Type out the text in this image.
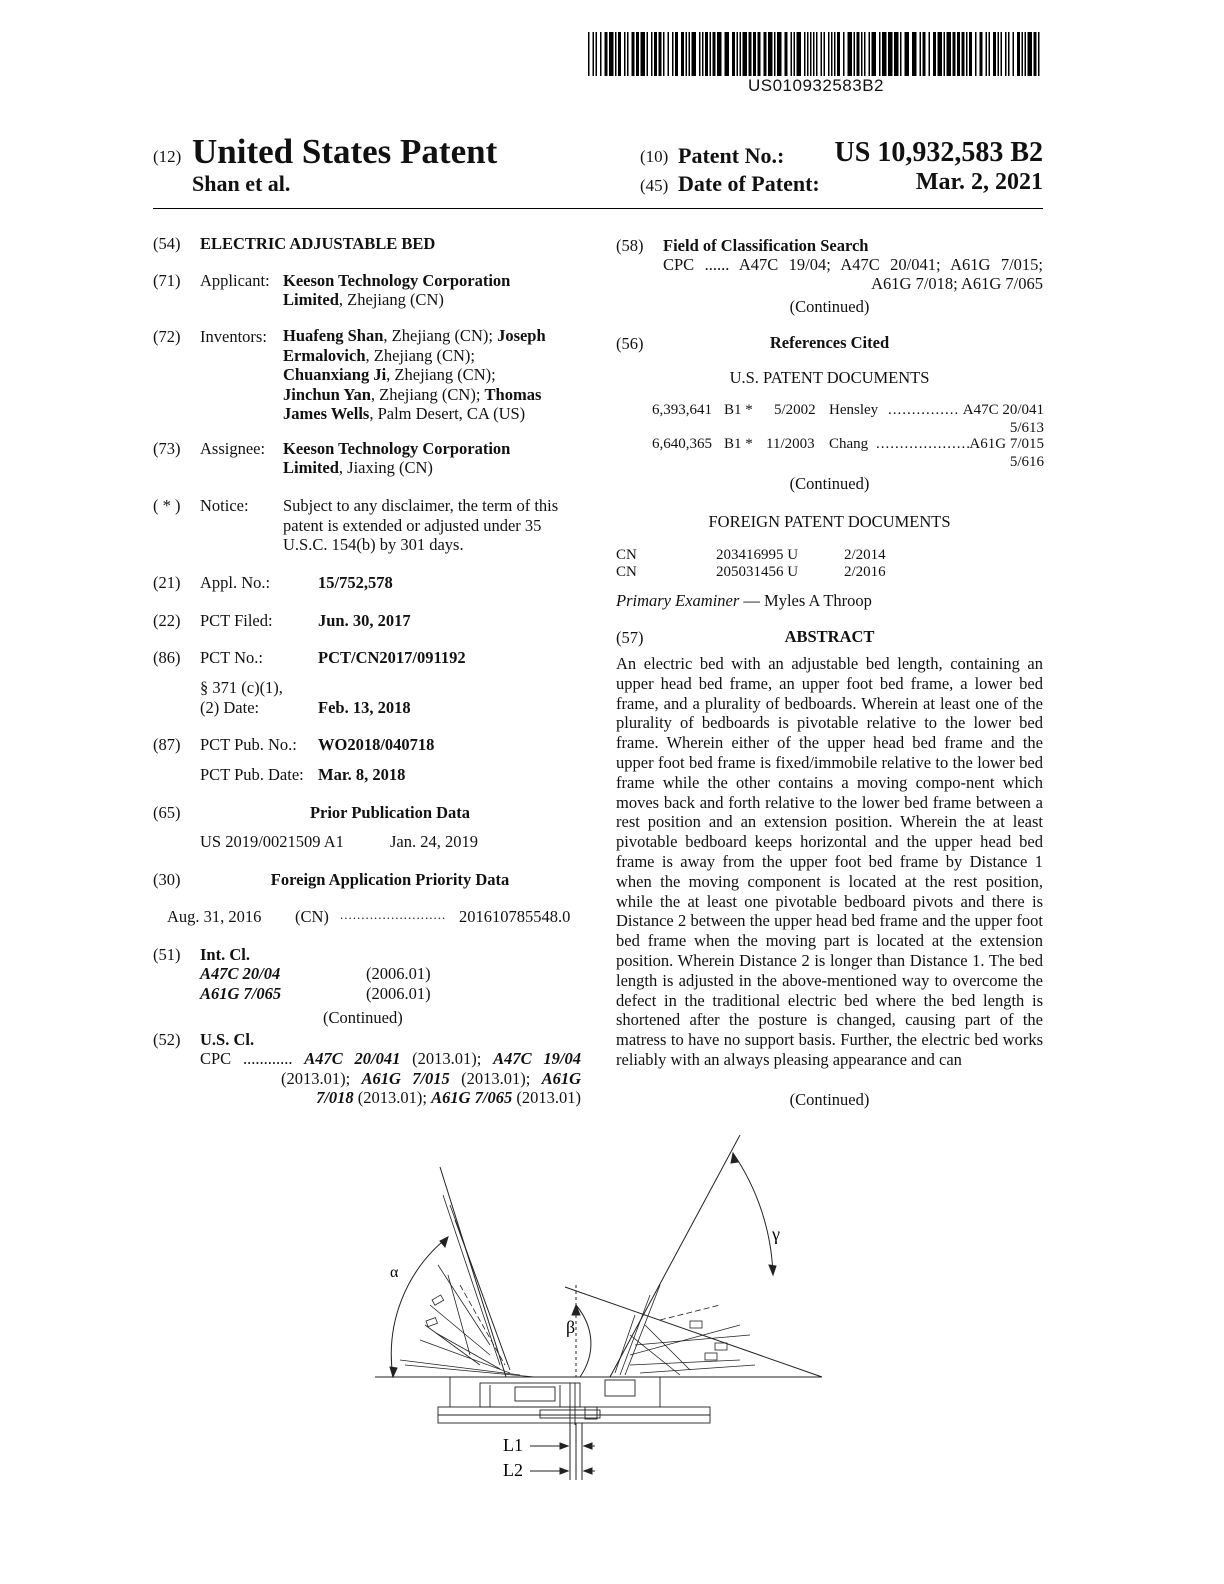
US010932583B2
(12) United States Patent
Shan et al.
(10) Patent No.:	US 10,932,583 B2
(45) Date of Patent:	Mar. 2, 2021
(54) ELECTRIC ADJUSTABLE BED
(71) Applicant: Keeson Technology Corporation
Limited, Zhejiang (CN)
(72) Inventors: Huafeng Shan, Zhejiang (CN); Joseph
Ermalovich, Zhejiang (CN);
Chuanxiang Ji, Zhejiang (CN);
Jinchun Yan, Zhejiang (CN); Thomas
James Wells, Palm Desert, CA (US)
(73) Assignee: Keeson Technology Corporation
Limited, Jiaxing (CN)
( * ) Notice: Subject to any disclaimer, the term of this
patent is extended or adjusted under 35
U.S.C. 154(b) by 301 days.
(21) Appl. No.:	15/752,578
(22) PCT Filed:	Jun. 30, 2017
(86) PCT No.:	PCT/CN2017/091192
§ 371 (c)(1),
(2) Date:	Feb. 13, 2018
(87) PCT Pub. No.: WO2018/040718
PCT Pub. Date: Mar. 8, 2018
(65)	Prior Publication Data
US 2019/0021509 A1	Jan. 24, 2019
(30)	Foreign Application Priority Data
Aug. 31, 2016 (CN) ......................... 201610785548.0
(51) Int. Cl.
A47C 20/04	(2006.01)
A61G 7/065	(2006.01)
(Continued)
(52) U.S. Cl.
CPC ............ A47C 20/041 (2013.01); A47C 19/04
(2013.01); A61G 7/015 (2013.01); A61G
7/018 (2013.01); A61G 7/065 (2013.01)
(58) Field of Classification Search
CPC ...... A47C 19/04; A47C 20/041; A61G 7/015;
A61G 7/018; A61G 7/065
(Continued)
(56)	References Cited
U.S. PATENT DOCUMENTS
6,393,641 B1 * 5/2002 Hensley ............... A47C 20/041
5/613
6,640,365 B1 * 11/2003 Chang ....................
A61G 7/015
5/616
(Continued)
FOREIGN PATENT DOCUMENTS
CN	203416995 U	2/2014
CN	205031456 U	2/2016
Primary Examiner — Myles A Throop
(57)	ABSTRACT
An electric bed with an adjustable bed length, containing an upper head bed frame, an upper foot bed frame, a lower bed frame, and a plurality of bedboards. Wherein at least one of the plurality of bedboards is pivotable relative to the lower bed frame. Wherein either of the upper head bed frame and the upper foot bed frame is fixed/immobile relative to the lower bed frame while the other contains a moving compo-nent which moves back and forth relative to the lower bed frame between a rest position and an extension position. Wherein the at least pivotable bedboard keeps horizontal and the upper head bed frame is away from the upper foot bed frame by Distance 1 when the moving component is located at the rest position, while the at least one pivotable bedboard pivots and there is Distance 2 between the upper head bed frame and the upper foot bed frame when the moving part is located at the extension position. Wherein Distance 2 is longer than Distance 1. The bed length is adjusted in the above-mentioned way to overcome the defect in the traditional electric bed where the bed length is shortened after the posture is changed, causing part of the matress to have no support basis. Further, the electric bed works reliably with an always pleasing appearance and can
(Continued)
α
β
γ
L1
L2
